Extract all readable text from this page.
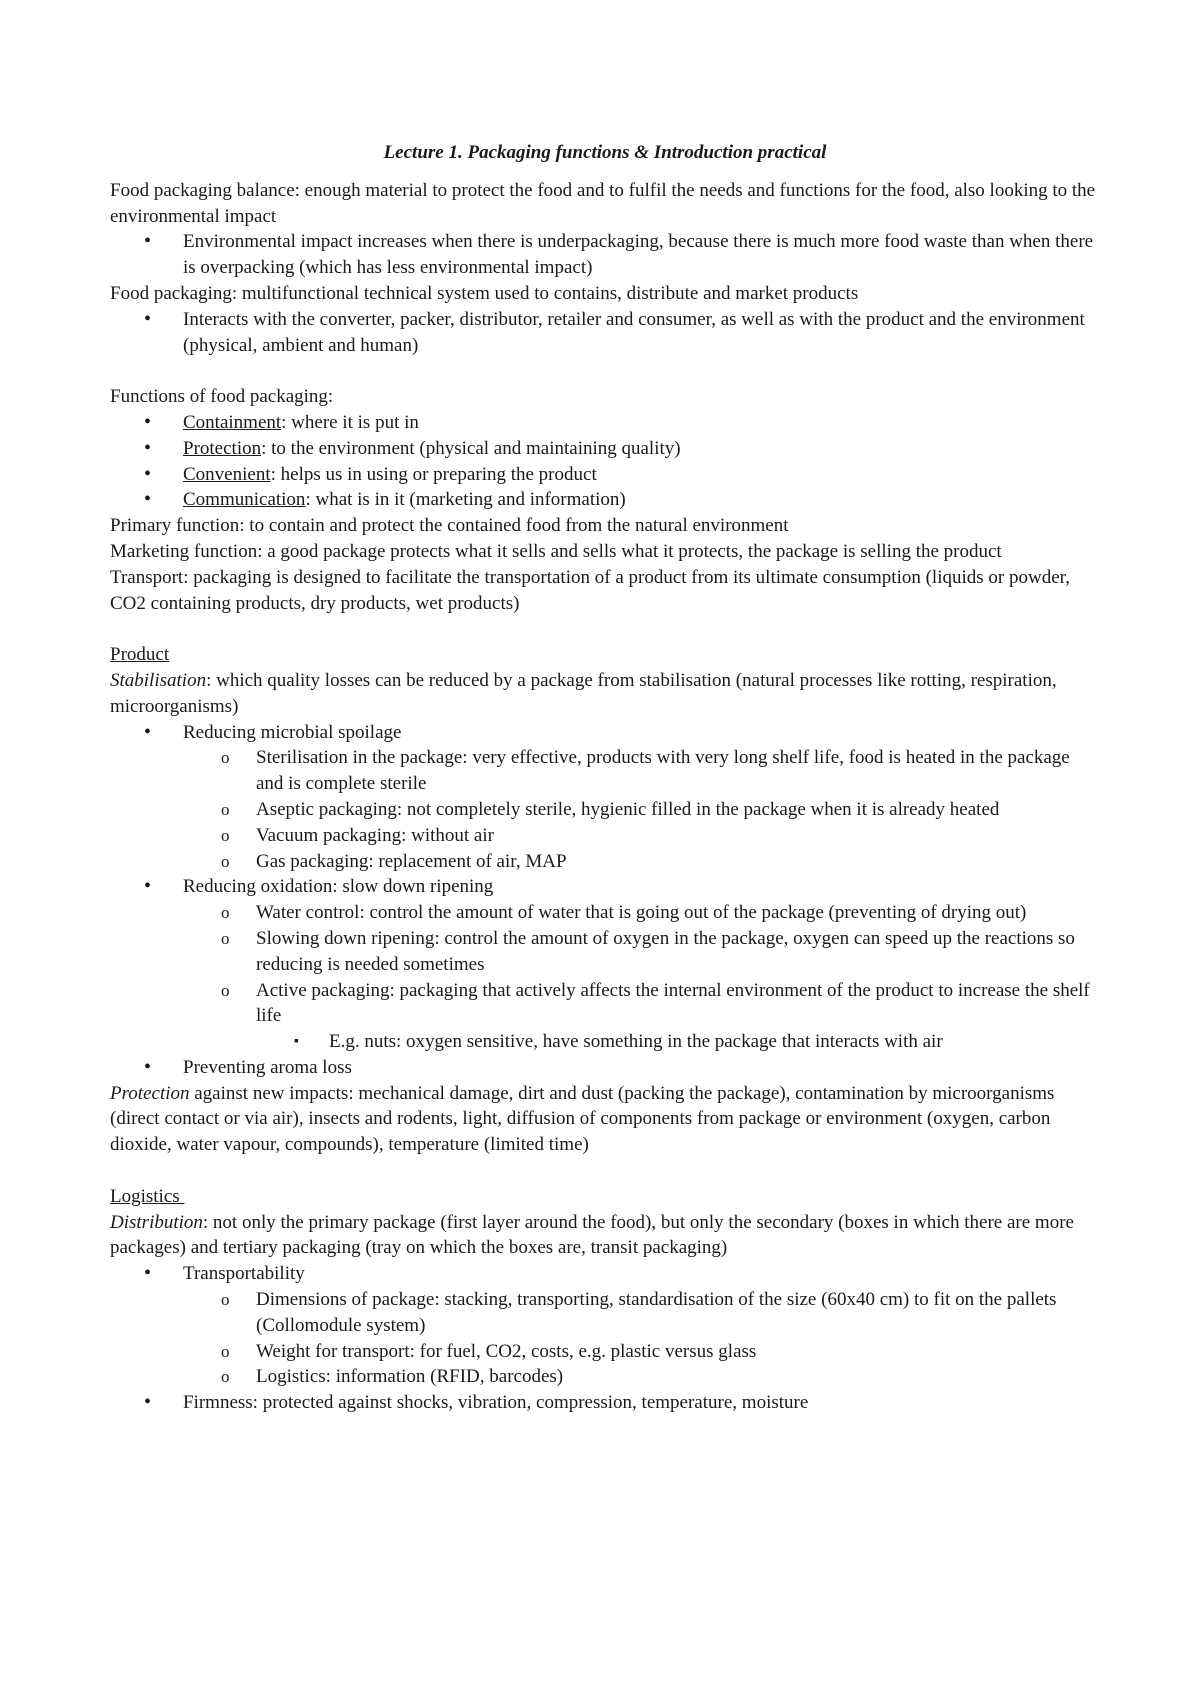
Lecture 1. Packaging functions & Introduction practical

Food packaging balance: enough material to protect the food and to fulfil the needs and functions for the food, also looking to the environmental impact

• Environmental impact increases when there is underpackaging, because there is much more food waste than when there is overpacking (which has less environmental impact)

Food packaging: multifunctional technical system used to contains, distribute and market products

• Interacts with the converter, packer, distributor, retailer and consumer, as well as with the product and the environment (physical, ambient and human)

Functions of food packaging:

• Containment: where it is put in
• Protection: to the environment (physical and maintaining quality)
• Convenient: helps us in using or preparing the product
• Communication: what is in it (marketing and information)

Primary function: to contain and protect the contained food from the natural environment

Marketing function: a good package protects what it sells and sells what it protects, the package is selling the product

Transport: packaging is designed to facilitate the transportation of a product from its ultimate consumption (liquids or powder, CO2 containing products, dry products, wet products)

Product

Stabilisation: which quality losses can be reduced by a package from stabilisation (natural processes like rotting, respiration, microorganisms)

• Reducing microbial spoilage
o Sterilisation in the package: very effective, products with very long shelf life, food is heated in the package and is complete sterile
o Aseptic packaging: not completely sterile, hygienic filled in the package when it is already heated
o Vacuum packaging: without air
o Gas packaging: replacement of air, MAP
• Reducing oxidation: slow down ripening
o Water control: control the amount of water that is going out of the package (preventing of drying out)
o Slowing down ripening: control the amount of oxygen in the package, oxygen can speed up the reactions so reducing is needed sometimes
o Active packaging: packaging that actively affects the internal environment of the product to increase the shelf life
▪ E.g. nuts: oxygen sensitive, have something in the package that interacts with air
• Preventing aroma loss

Protection against new impacts: mechanical damage, dirt and dust (packing the package), contamination by microorganisms (direct contact or via air), insects and rodents, light, diffusion of components from package or environment (oxygen, carbon dioxide, water vapour, compounds), temperature (limited time)

Logistics

Distribution: not only the primary package (first layer around the food), but only the secondary (boxes in which there are more packages) and tertiary packaging (tray on which the boxes are, transit packaging)

• Transportability
o Dimensions of package: stacking, transporting, standardisation of the size (60x40 cm) to fit on the pallets (Collomodule system)
o Weight for transport: for fuel, CO2, costs, e.g. plastic versus glass
o Logistics: information (RFID, barcodes)
• Firmness: protected against shocks, vibration, compression, temperature, moisture
